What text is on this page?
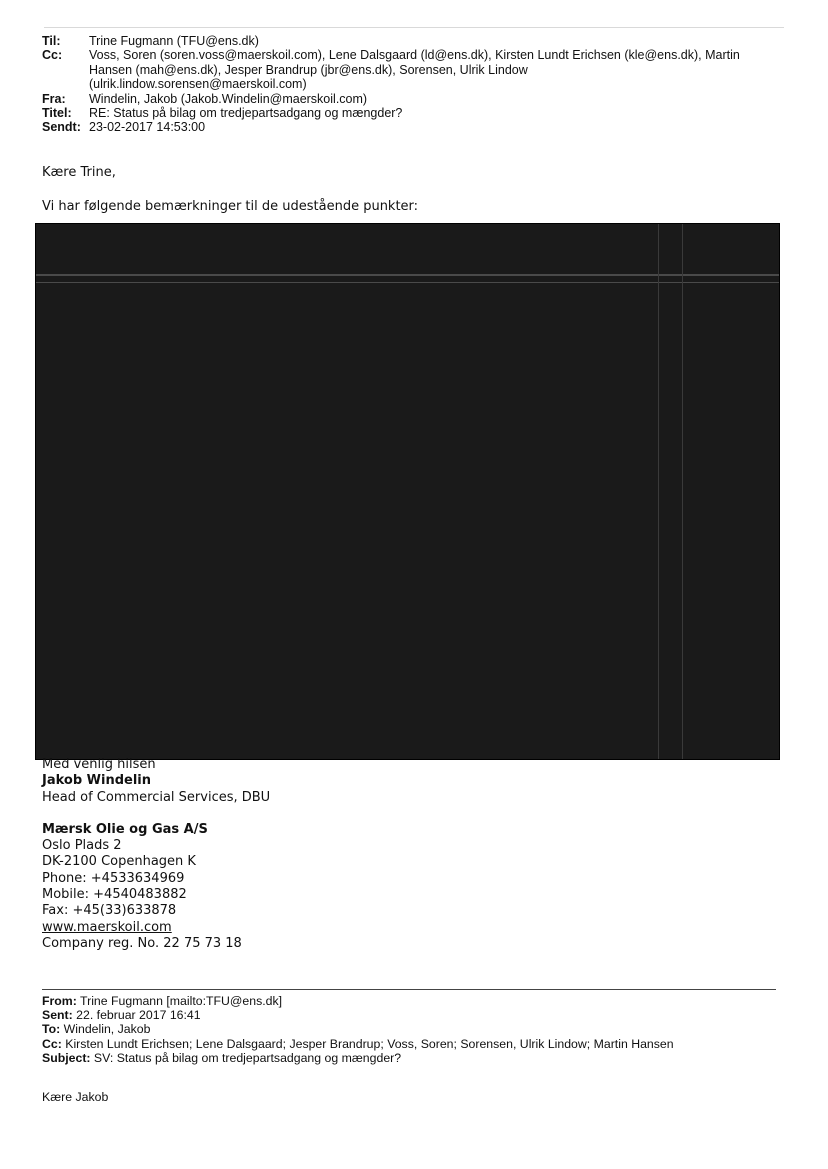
Til:	Trine Fugmann (TFU@ens.dk)
Cc:	Voss, Soren (soren.voss@maerskoil.com), Lene Dalsgaard (ld@ens.dk), Kirsten Lundt Erichsen (kle@ens.dk), Martin
Hansen (mah@ens.dk), Jesper Brandrup (jbr@ens.dk), Sorensen, Ulrik Lindow
(ulrik.lindow.sorensen@maerskoil.com)
Fra:	Windelin, Jakob (Jakob.Windelin@maerskoil.com)
Titel:	RE: Status på bilag om tredjepartsadgang og mængder?
Sendt: 23-02-2017 14:53:00
Kære Trine,
Vi har følgende bemærkninger til de udestående punkter:
Med venlig hilsen
Jakob Windelin
Head of Commercial Services, DBU
Mærsk Olie og Gas A/S
Oslo Plads 2
DK-2100 Copenhagen K
Phone: +4533634969
Mobile: +4540483882
Fax: +45(33)633878
www.maerskoil.com
Company reg. No. 22 75 73 18
From: Trine Fugmann [mailto:TFU@ens.dk]
Sent: 22. februar 2017 16:41
To: Windelin, Jakob
Cc: Kirsten Lundt Erichsen; Lene Dalsgaard; Jesper Brandrup; Voss, Soren; Sorensen, Ulrik Lindow; Martin Hansen
Subject: SV: Status på bilag om tredjepartsadgang og mængder?
Kære Jakob
